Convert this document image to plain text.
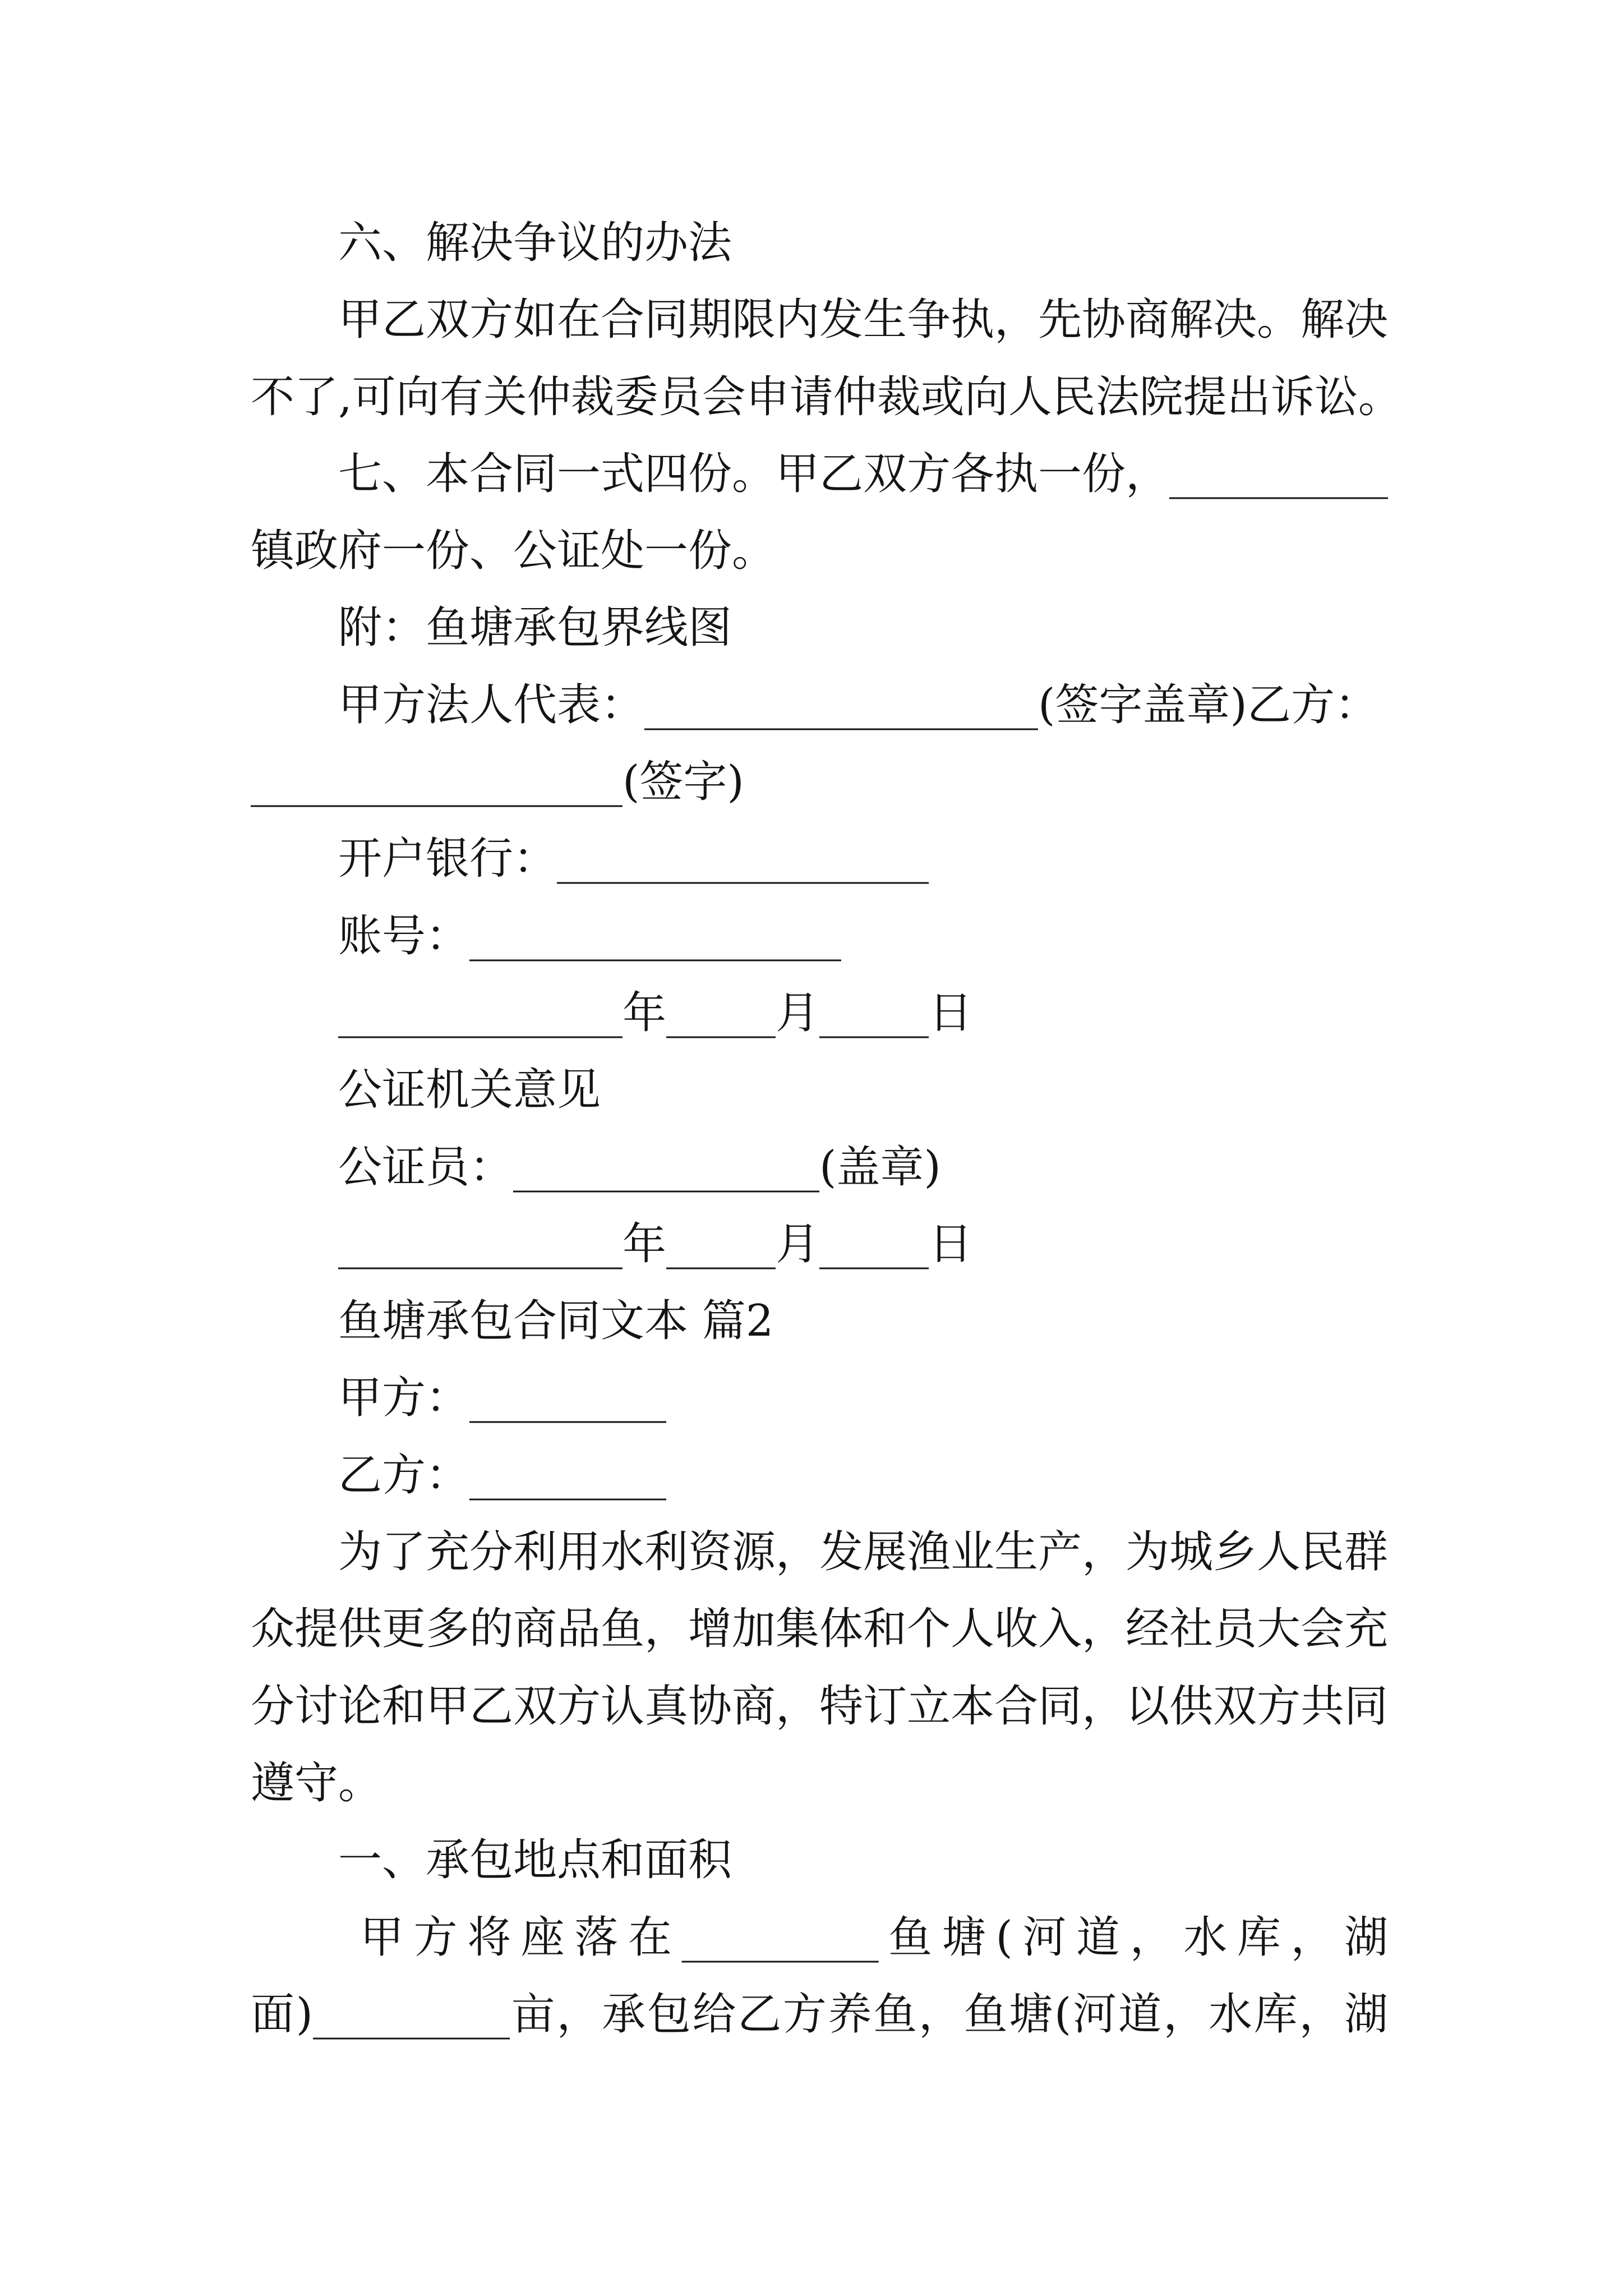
六、解决争议的办法
甲乙双方如在合同期限内发生争执，先协商解决。解决
不了,可向有关仲裁委员会申请仲裁或向人民法院提出诉讼。
七、本合同一式四份。甲乙双方各执一份，__________
镇政府一份、公证处一份。
附：鱼塘承包界线图
甲方法人代表：__________________(签字盖章)乙方：
_________________(签字)
开户银行：_________________
账号：_________________
_____________年_____月_____日
公证机关意见
公证员：______________(盖章)
_____________年_____月_____日
鱼塘承包合同文本 篇2
甲方：_________
乙方：_________
为了充分利用水利资源，发展渔业生产，为城乡人民群
众提供更多的商品鱼，增加集体和个人收入，经社员大会充
分讨论和甲乙双方认真协商，特订立本合同，以供双方共同
遵守。
一、承包地点和面积
甲方将座落在_________鱼塘(河道，水库，湖
面)_________亩，承包给乙方养鱼，鱼塘(河道，水库，湖
